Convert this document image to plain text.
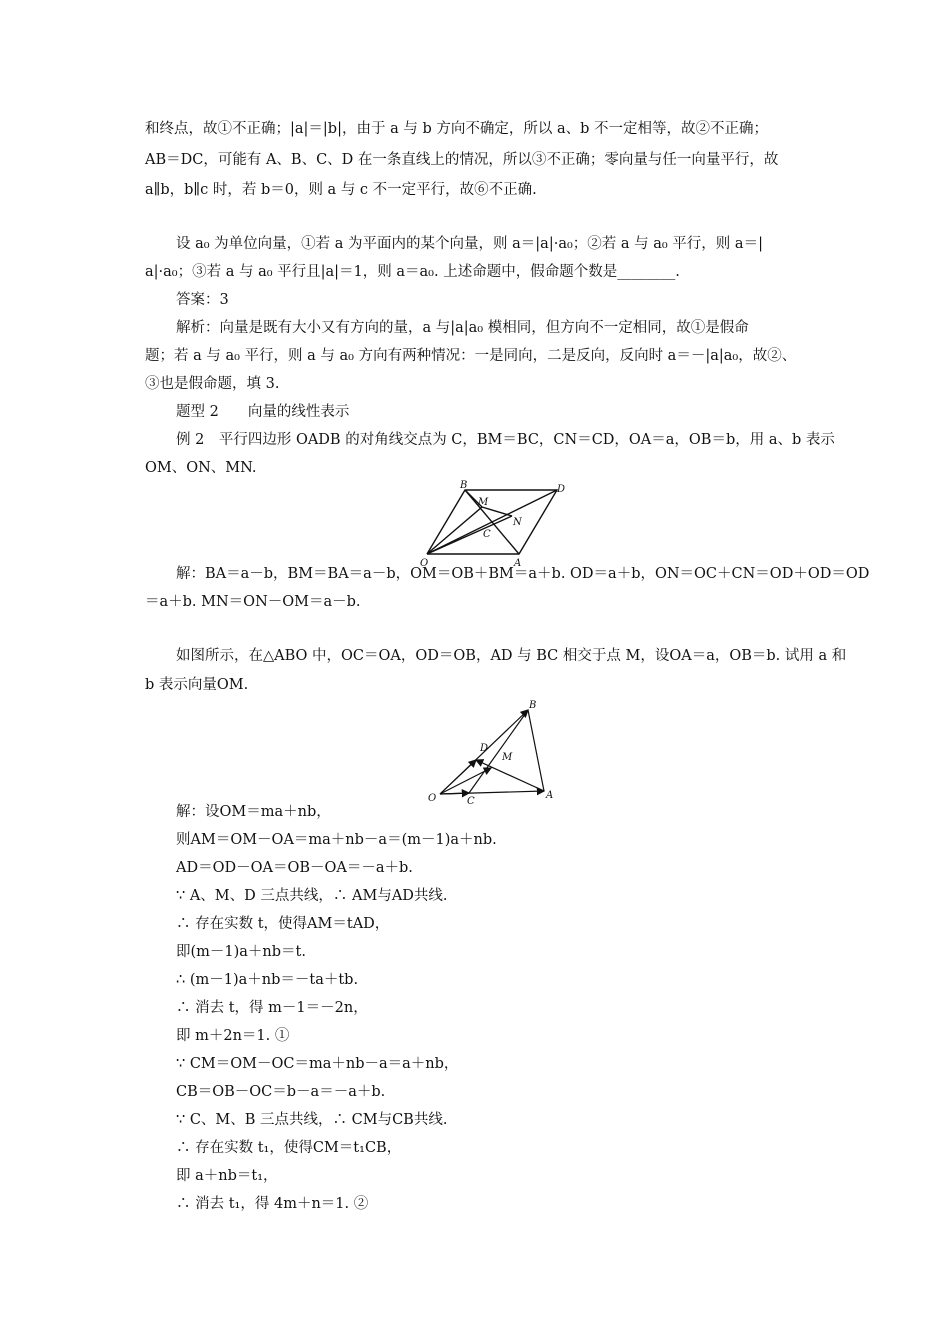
和终点，故①不正确；|a|＝|b|，由于 a 与 b 方向不确定，所以 a、b 不一定相等，故②不正确；
AB＝DC，可能有 A、B、C、D 在一条直线上的情况，所以③不正确；零向量与任一向量平行，故
a∥b，b∥c 时，若 b＝0，则 a 与 c 不一定平行，故⑥不正确.
设 a₀ 为单位向量，①若 a 为平面内的某个向量，则 a＝|a|·a₀；②若 a 与 a₀ 平行，则 a＝|
a|·a₀；③若 a 与 a₀ 平行且|a|＝1，则 a＝a₀. 上述命题中，假命题个数是________.
答案：3
解析：向量是既有大小又有方向的量，a 与|a|a₀ 模相同，但方向不一定相同，故①是假命
题；若 a 与 a₀ 平行，则 a 与 a₀ 方向有两种情况：一是同向，二是反向，反向时 a＝－|a|a₀，故②、
③也是假命题，填 3.
题型 2　　向量的线性表示
例 2　平行四边形 OADB 的对角线交点为 C，BM＝BC，CN＝CD，OA＝a，OB＝b，用 a、b 表示
OM、ON、MN.
B	D
M
N
C
O	A
解：BA＝a－b，BM＝BA＝a－b，OM＝OB＋BM＝a＋b. OD＝a＋b，ON＝OC＋CN＝OD＋OD＝OD
＝a＋b. MN＝ON－OM＝a－b.
如图所示，在△ABO 中，OC＝OA，OD＝OB，AD 与 BC 相交于点 M，设OA＝a，OB＝b. 试用 a 和
b 表示向量OM.
B
D
M
O	C
A
解：设OM＝ma＋nb，
则AM＝OM－OA＝ma＋nb－a＝(m－1)a＋nb.
AD＝OD－OA＝OB－OA＝－a＋b.
∵ A、M、D 三点共线，∴ AM与AD共线.
∴ 存在实数 t，使得AM＝tAD，
即(m－1)a＋nb＝t.
∴ (m－1)a＋nb＝－ta＋tb.
∴ 消去 t，得 m－1＝－2n，
即 m＋2n＝1. ①
∵ CM＝OM－OC＝ma＋nb－a＝a＋nb，
CB＝OB－OC＝b－a＝－a＋b.
∵ C、M、B 三点共线，∴ CM与CB共线.
∴ 存在实数 t₁，使得CM＝t₁CB，
即 a＋nb＝t₁，
∴ 消去 t₁，得 4m＋n＝1. ②
